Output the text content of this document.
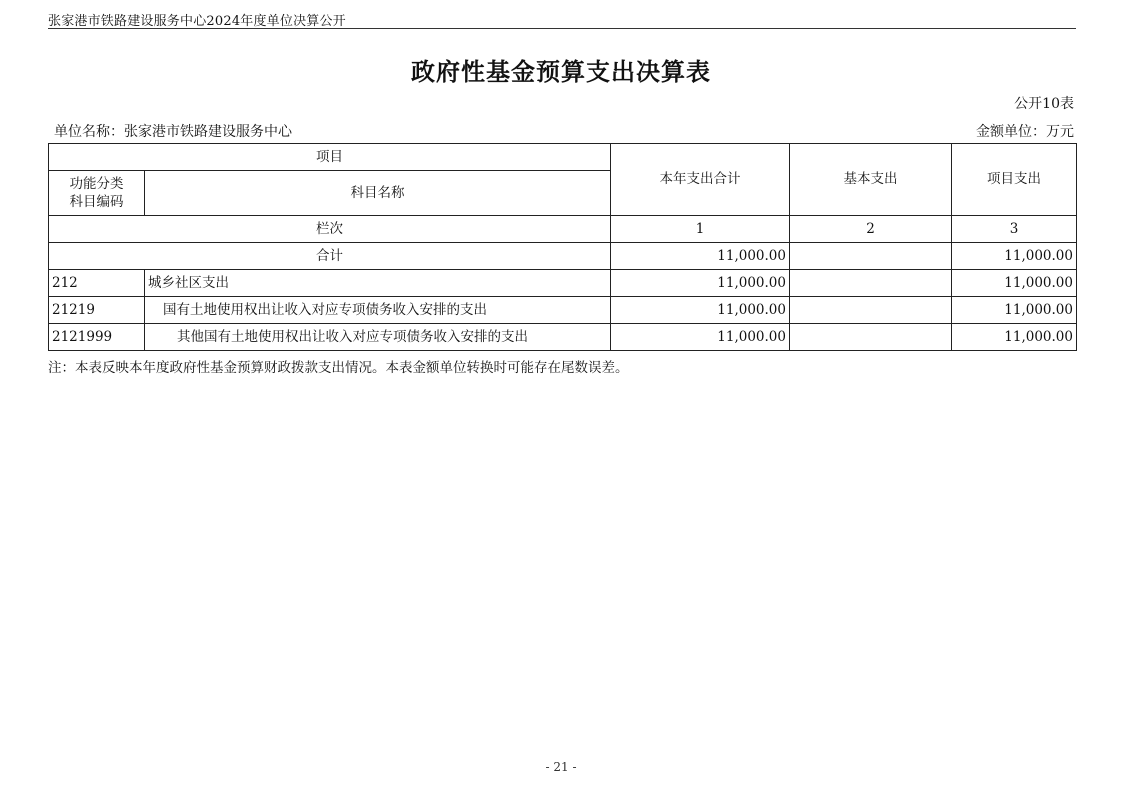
张家港市铁路建设服务中心2024年度单位决算公开
政府性基金预算支出决算表
公开10表
单位名称：张家港市铁路建设服务中心	金额单位：万元
项目		本年支出合计	基本支出	项目支出
功能分类
科目编码	科目名称			
栏次		1	2	3
合计		11,000.00		11,000.00
212	城乡社区支出	11,000.00		11,000.00
21219	国有土地使用权出让收入对应专项债务收入安排的支出	11,000.00		11,000.00
2121999	其他国有土地使用权出让收入对应专项债务收入安排的支出	11,000.00		11,000.00
注：本表反映本年度政府性基金预算财政拨款支出情况。本表金额单位转换时可能存在尾数误差。
- 21 -
